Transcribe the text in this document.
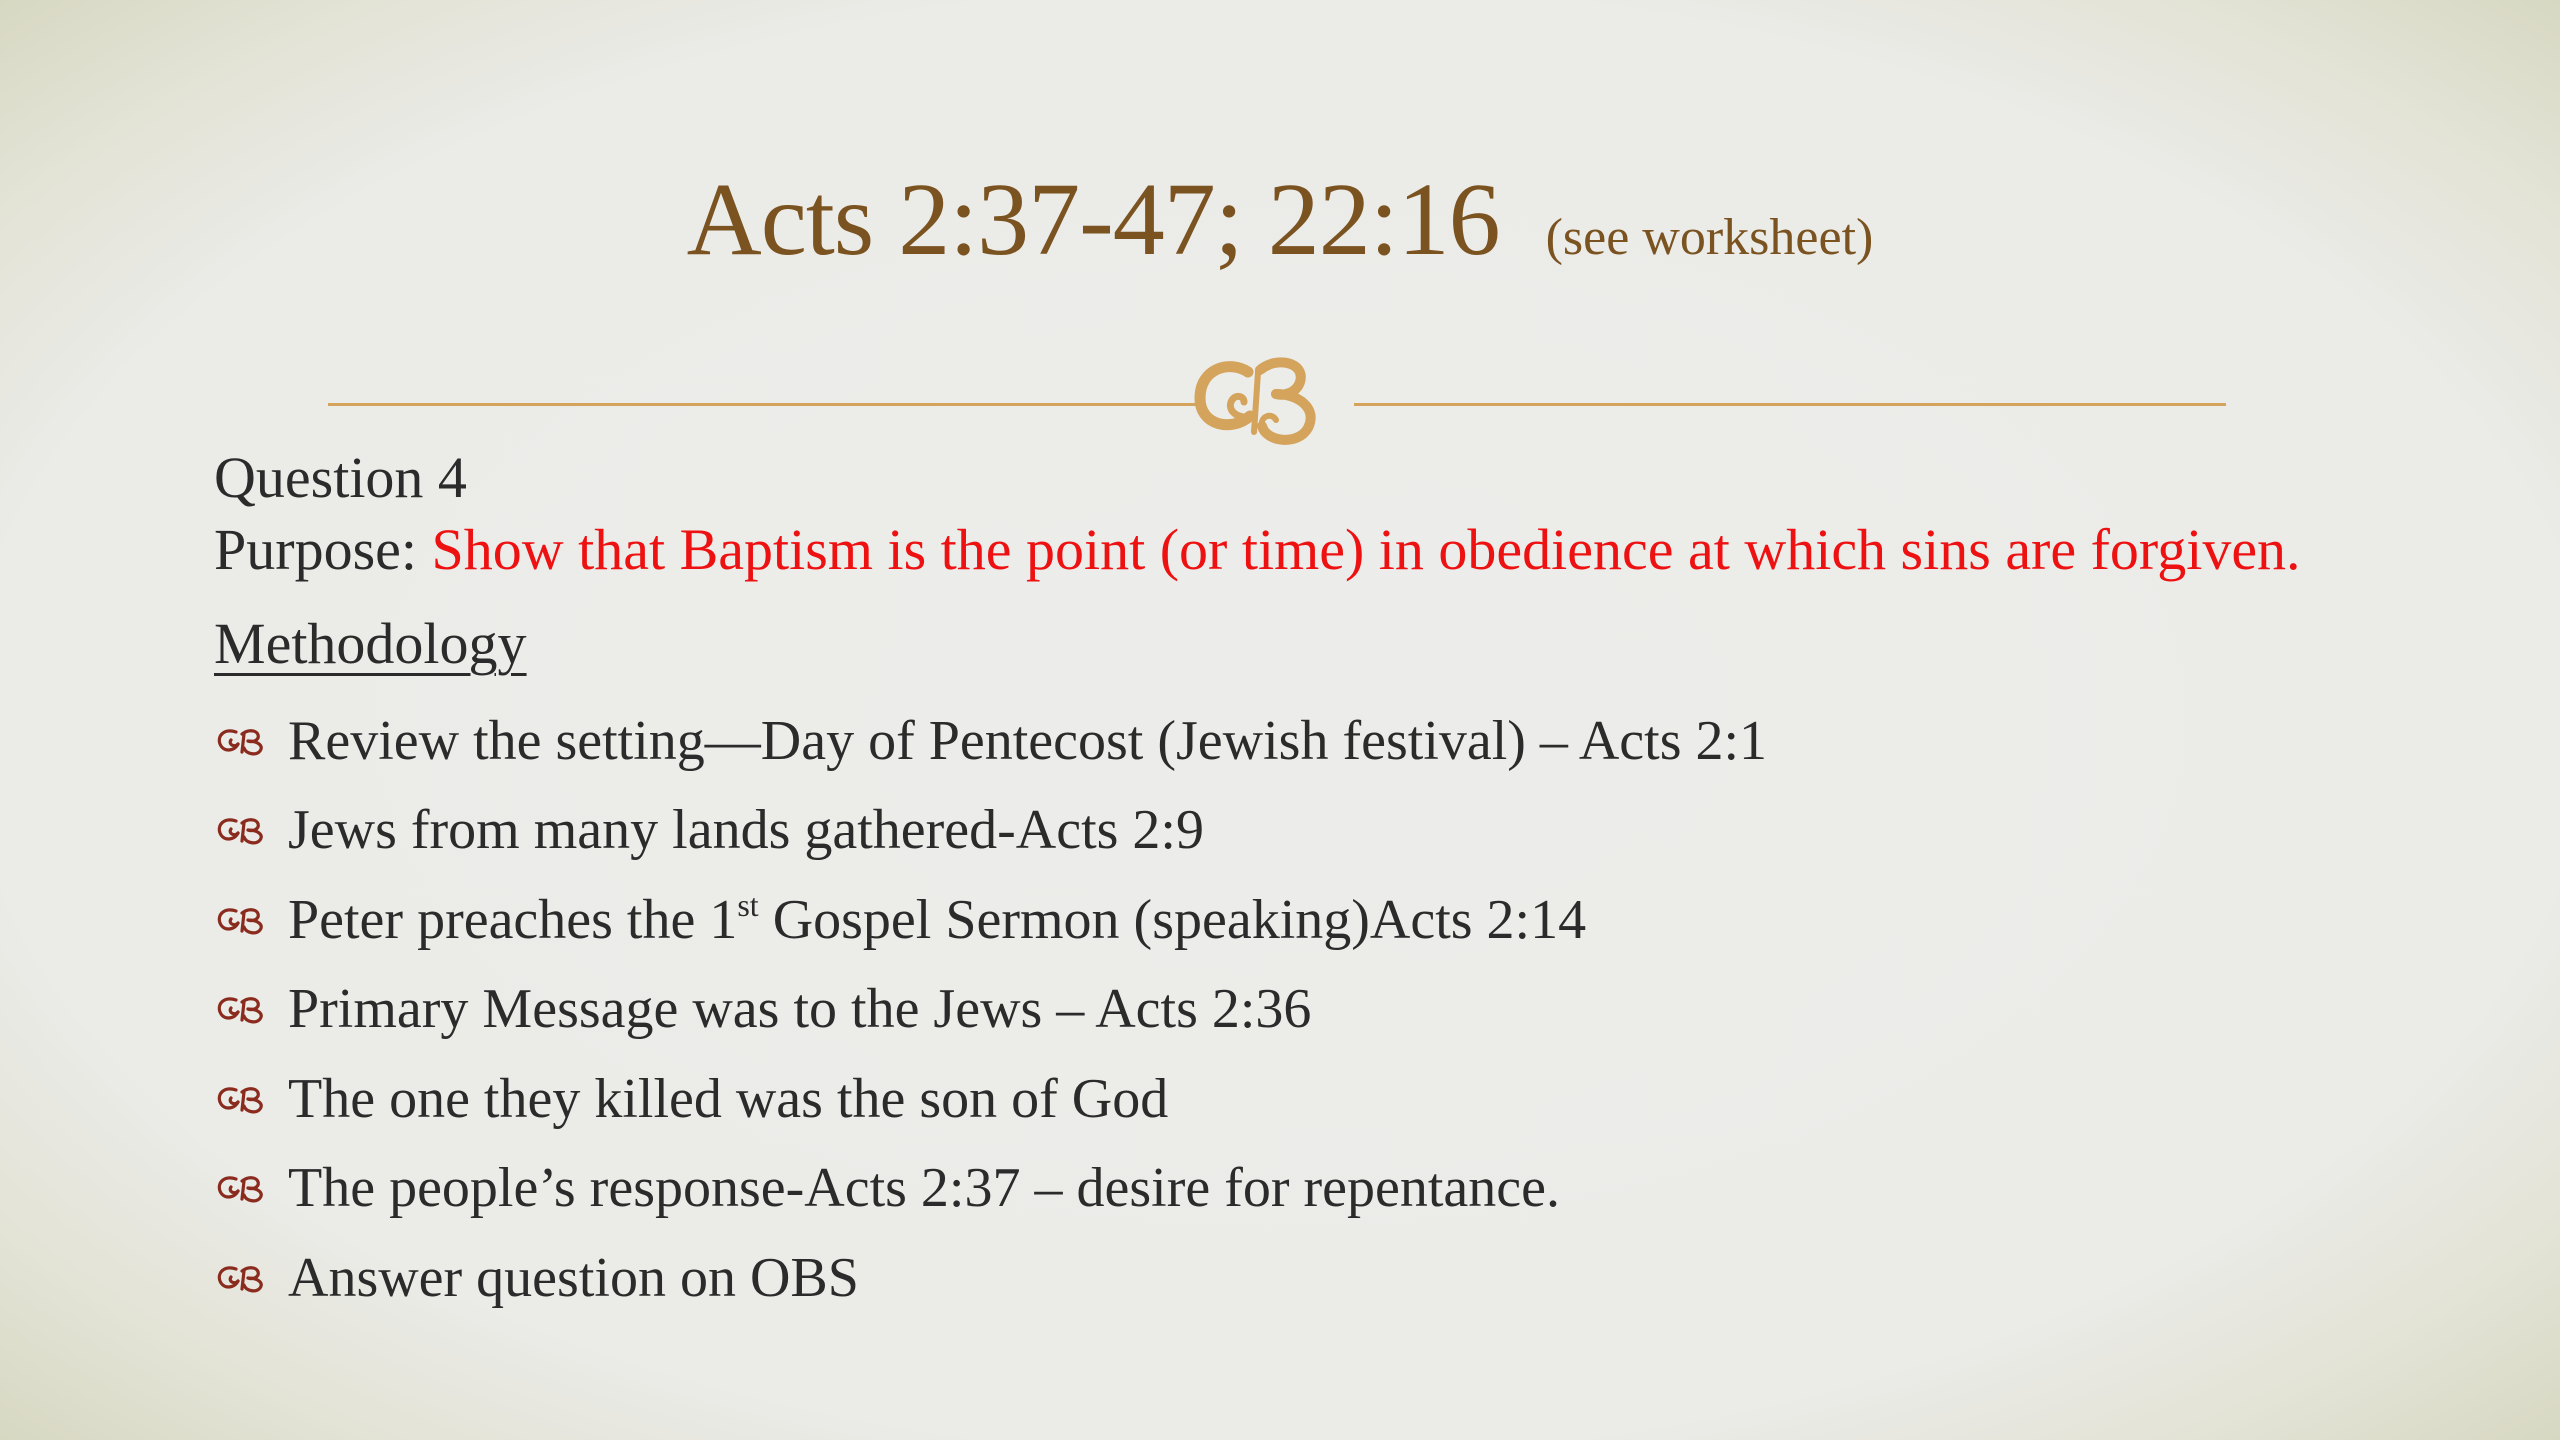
Acts 2:37-47; 22:16 (see worksheet)

Question 4

Purpose: Show that Baptism is the point (or time) in obedience at which sins are forgiven.

Methodology

Review the setting—Day of Pentecost (Jewish festival) – Acts 2:1
Jews from many lands gathered-Acts 2:9
Peter preaches the 1st Gospel Sermon (speaking)Acts 2:14
Primary Message was to the Jews – Acts 2:36
The one they killed was the son of God
The people’s response-Acts 2:37 – desire for repentance.
Answer question on OBS
